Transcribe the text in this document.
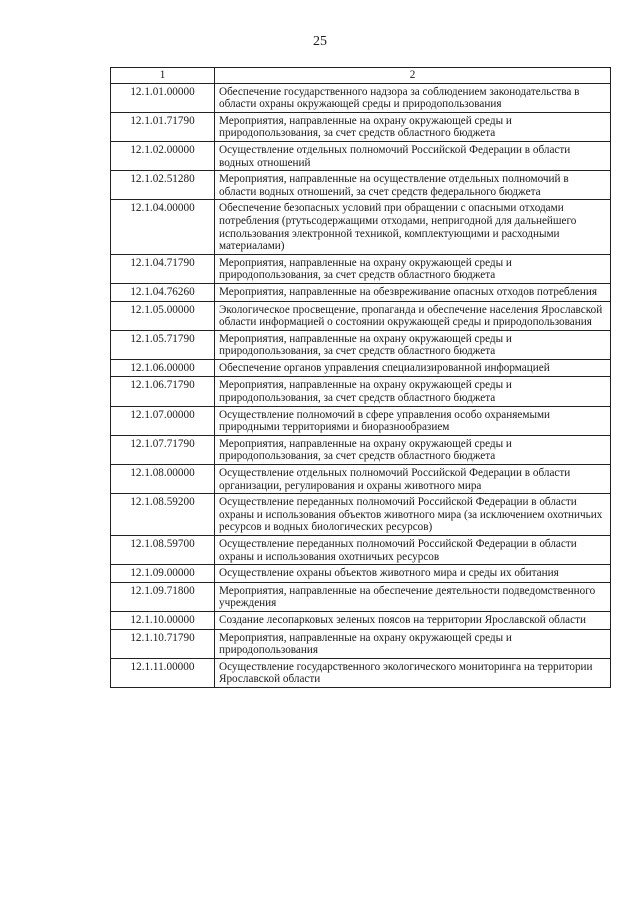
25
1	2
12.1.01.00000	Обеспечение государственного надзора за соблюдением законодательства в области охраны окружающей среды и природопользования
12.1.01.71790	Мероприятия, направленные на охрану окружающей среды и природопользования, за счет средств областного бюджета
12.1.02.00000	Осуществление отдельных полномочий Российской Федерации в области водных отношений
12.1.02.51280	Мероприятия, направленные на осуществление отдельных полномочий в области водных отношений, за счет средств федерального бюджета
12.1.04.00000	Обеспечение безопасных условий при обращении с опасными отходами потребления (ртутьсодержащими отходами, непригодной для дальнейшего использования электронной техникой, комплектующими и расходными материалами)
12.1.04.71790	Мероприятия, направленные на охрану окружающей среды и природопользования, за счет средств областного бюджета
12.1.04.76260	Мероприятия, направленные на обезвреживание опасных отходов потребления
12.1.05.00000	Экологическое просвещение, пропаганда и обеспечение населения Ярославской области информацией о состоянии окружающей среды и природопользования
12.1.05.71790	Мероприятия, направленные на охрану окружающей среды и природопользования, за счет средств областного бюджета
12.1.06.00000	Обеспечение органов управления специализированной информацией
12.1.06.71790	Мероприятия, направленные на охрану окружающей среды и природопользования, за счет средств областного бюджета
12.1.07.00000	Осуществление полномочий в сфере управления особо охраняемыми природными территориями и биоразнообразием
12.1.07.71790	Мероприятия, направленные на охрану окружающей среды и природопользования, за счет средств областного бюджета
12.1.08.00000	Осуществление отдельных полномочий Российской Федерации в области организации, регулирования и охраны животного мира
12.1.08.59200	Осуществление переданных полномочий Российской Федерации в области охраны и использования объектов животного мира (за исключением охотничьих ресурсов и водных биологических ресурсов)
12.1.08.59700	Осуществление переданных полномочий Российской Федерации в области охраны и использования охотничьих ресурсов
12.1.09.00000	Осуществление охраны объектов животного мира и среды их обитания
12.1.09.71800	Мероприятия, направленные на обеспечение деятельности подведомственного учреждения
12.1.10.00000	Создание лесопарковых зеленых поясов на территории Ярославской области
12.1.10.71790	Мероприятия, направленные на охрану окружающей среды и природопользования
12.1.11.00000	Осуществление государственного экологического мониторинга на территории Ярославской области
